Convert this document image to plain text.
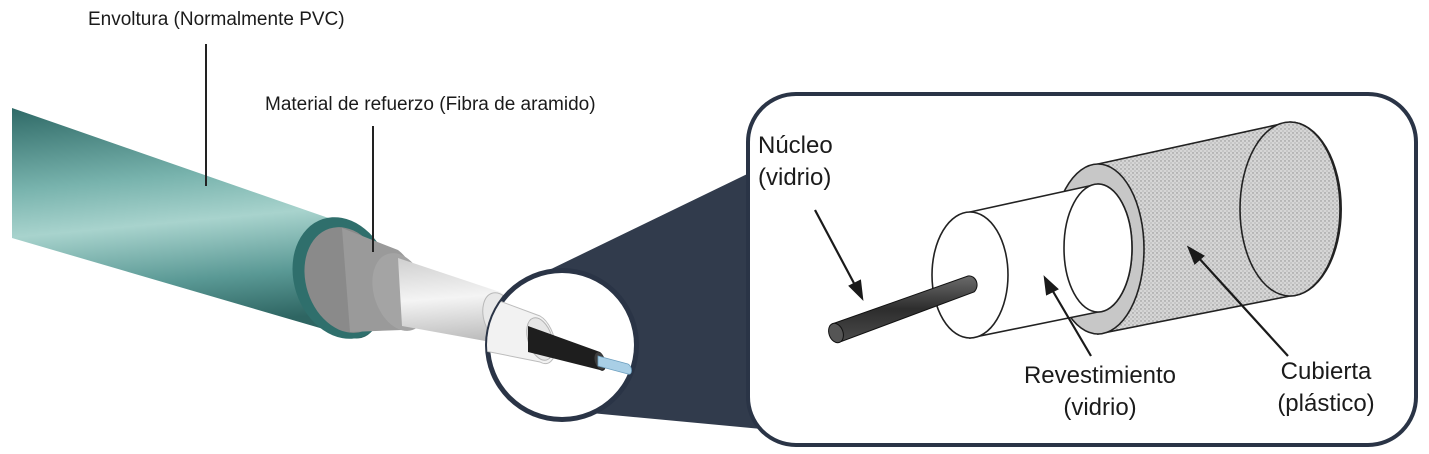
Envoltura (Normalmente PVC)
Material de refuerzo (Fibra de aramido)
Núcleo
(vidrio)
Revestimiento
(vidrio)
Cubierta
(plástico)
